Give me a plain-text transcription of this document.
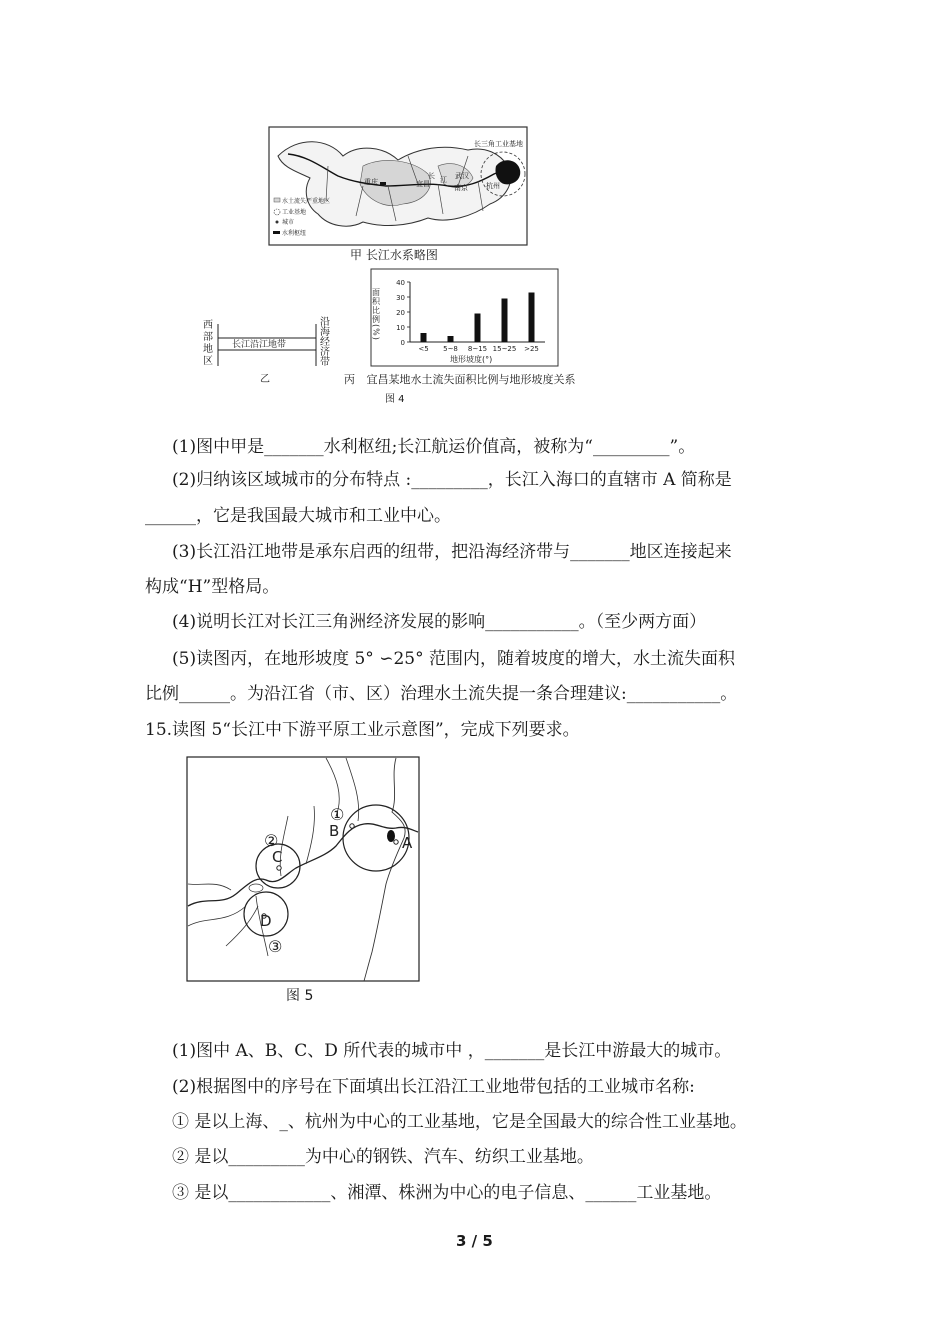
长三角工业基地
杭州
重庆	宜昌
武汉
南京
长 江
水土流失严重地区
工业基地
城市
水利枢纽
甲 长江水系略图
长江沿江地带
乙
西部地区
沿海经济带
面积比例(%)
0
10
20
30
40
<5 5~8 8~15 15~25 >25
地形坡度(°)
丙 宜昌某地水土流失面积比例与地形坡度关系
图 4
(1)图中甲是_______水利枢纽;长江航运价值高，被称为“_________”。
(2)归纳该区域城市的分布特点 :_________，长江入海口的直辖市 A 简称是
______，它是我国最大城市和工业中心。
(3)长江沿江地带是承东启西的纽带，把沿海经济带与_______地区连接起来
构成“H”型格局。
(4)说明长江对长江三角洲经济发展的影响___________。（至少两方面）
(5)读图丙，在地形坡度 5° ∽25° 范围内，随着坡度的增大，水土流失面积
比例______。为沿江省（市、区）治理水土流失提一条合理建议:___________。
15.读图 5“长江中下游平原工业示意图”，完成下列要求。
①
②
③
A
B
C
D
图 5
(1)图中 A、B、C、D 所代表的城市中 ，_______是长江中游最大的城市。
(2)根据图中的序号在下面填出长江沿江工业地带包括的工业城市名称:
① 是以上海、_、杭州为中心的工业基地，它是全国最大的综合性工业基地。
② 是以_________为中心的钢铁、汽车、纺织工业基地。
③ 是以____________、湘潭、株洲为中心的电子信息、______工业基地。
3 / 5
